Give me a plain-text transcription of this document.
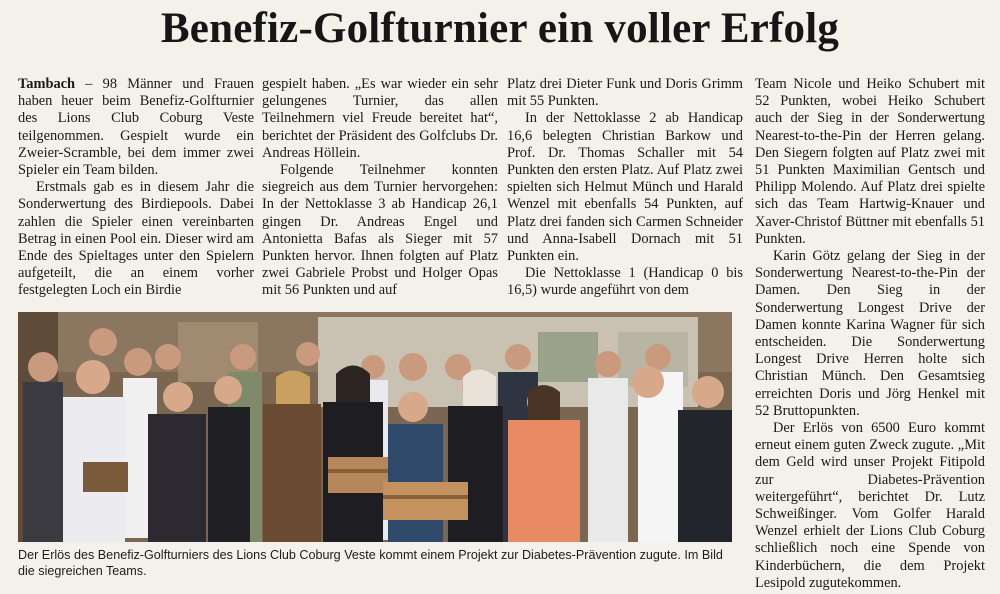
Benefiz-Golfturnier ein voller Erfolg

Tambach – 98 Männer und Frauen haben heuer beim Benefiz-Golfturnier des Lions Club Coburg Veste teilgenommen. Gespielt wurde ein Zweier-Scramble, bei dem immer zwei Spieler ein Team bilden.

Erstmals gab es in diesem Jahr die Sonderwertung des Birdiepools. Dabei zahlen die Spieler einen vereinbarten Betrag in einen Pool ein. Dieser wird am Ende des Spieltages unter den Spielern aufgeteilt, die an einem vorher festgelegten Loch ein Birdie

gespielt haben. „Es war wieder ein sehr gelungenes Turnier, das allen Teilnehmern viel Freude bereitet hat“, berichtet der Präsident des Golfclubs Dr. Andreas Höllein.

Folgende Teilnehmer konnten siegreich aus dem Turnier hervorgehen: In der Nettoklasse 3 ab Handicap 26,1 gingen Dr. Andreas Engel und Antonietta Bafas als Sieger mit 57 Punkten hervor. Ihnen folgten auf Platz zwei Gabriele Probst und Holger Opas mit 56 Punkten und auf

Platz drei Dieter Funk und Doris Grimm mit 55 Punkten.

In der Nettoklasse 2 ab Handicap 16,6 belegten Christian Barkow und Prof. Dr. Thomas Schaller mit 54 Punkten den ersten Platz. Auf Platz zwei spielten sich Helmut Münch und Harald Wenzel mit ebenfalls 54 Punkten, auf Platz drei fanden sich Carmen Schneider und Anna-Isabell Dornach mit 51 Punkten ein.

Die Nettoklasse 1 (Handicap 0 bis 16,5) wurde angeführt von dem

Team Nicole und Heiko Schubert mit 52 Punkten, wobei Heiko Schubert auch der Sieg in der Sonderwertung Nearest-to-the-Pin der Herren gelang. Den Siegern folgten auf Platz zwei mit 51 Punkten Maximilian Gentsch und Philipp Molendo. Auf Platz drei spielte sich das Team Hartwig-Knauer und Xaver-Christof Büttner mit ebenfalls 51 Punkten.

Karin Götz gelang der Sieg in der Sonderwertung Nearest-to-the-Pin der Damen. Den Sieg in der Sonderwertung Longest Drive der Damen konnte Karina Wagner für sich entscheiden. Die Sonderwertung Longest Drive Herren holte sich Christian Münch. Den Gesamtsieg erreichten Doris und Jörg Henkel mit 52 Bruttopunkten.

Der Erlös von 6500 Euro kommt erneut einem guten Zweck zugute. „Mit dem Geld wird unser Projekt Fitipold zur Diabetes-Prävention weitergeführt“, berichtet Dr. Lutz Schweißinger. Vom Golfer Harald Wenzel erhielt der Lions Club Coburg schließlich noch eine Spende von Kinderbüchern, die dem Projekt Lesipold zugutekommen.

Der Erlös des Benefiz-Golfturniers des Lions Club Coburg Veste kommt einem Projekt zur Diabetes-Prävention zugute. Im Bild die siegreichen Teams.
